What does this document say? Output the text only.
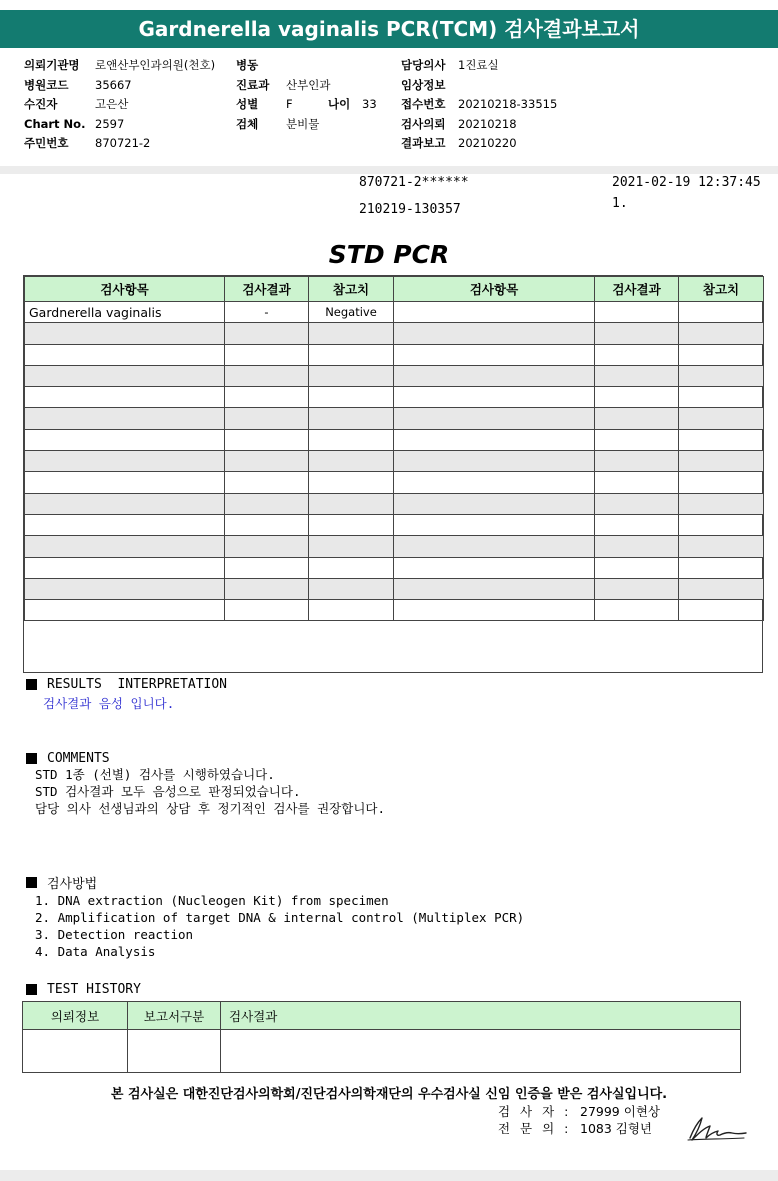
Gardnerella vaginalis PCR(TCM) 검사결과보고서
의뢰기관명	로앤산부인과의원(천호)
병원코드	35667
수진자	고은산
Chart No. 2597
주민번호	870721-2
병동
진료과	산부인과
성별	F	나이	33
검체	분비물
담당의사	1진료실
임상정보
접수번호	20210218-33515
검사의뢰	20210218
결과보고	20210220
870721-2******
210219-130357
2021-02-19 12:37:45
1.
STD PCR
검사항목	검사결과	참고치	검사항목	검사결과	참고치
Gardnerella vaginalis	-	Negative			

RESULTS  INTERPRETATION
검사결과 음성 입니다.
COMMENTS
STD 1종 (선별) 검사를 시행하였습니다.
STD 검사결과 모두 음성으로 판정되었습니다.
담당 의사 선생님과의 상담 후 정기적인 검사를 권장합니다.
검사방법
1. DNA extraction (Nucleogen Kit) from specimen
2. Amplification of target DNA & internal control (Multiplex PCR)
3. Detection reaction
4. Data Analysis
TEST HISTORY
의뢰정보	보고서구분	검사결과

본 검사실은 대한진단검사의학회/진단검사의학재단의 우수검사실 신임 인증을 받은 검사실입니다.
검 사 자 : 27999 이현상
전 문 의 : 1083 김형년
